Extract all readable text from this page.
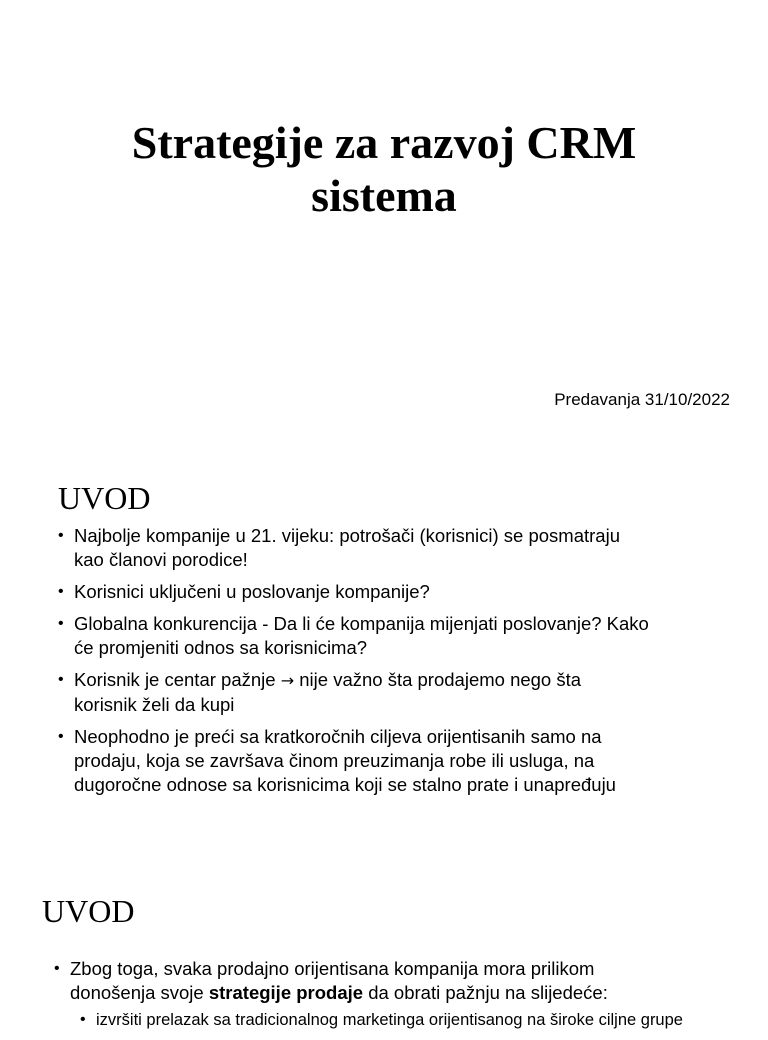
Strategije za razvoj CRM
sistema
Predavanja 31/10/2022
UVOD
• Najbolje kompanije u 21. vijeku: potrošači (korisnici) se posmatraju
kao članovi porodice!
• Korisnici uključeni u poslovanje kompanije?
• Globalna konkurencija - Da li će kompanija mijenjati poslovanje? Kako
će promjeniti odnos sa korisnicima?
• Korisnik je centar pažnje → nije važno šta prodajemo nego šta
korisnik želi da kupi
• Neophodno je preći sa kratkoročnih ciljeva orijentisanih samo na
prodaju, koja se završava činom preuzimanja robe ili usluga, na
dugoročne odnose sa korisnicima koji se stalno prate i unapređuju
UVOD
• Zbog toga, svaka prodajno orijentisana kompanija mora prilikom
donošenja svoje strategije prodaje da obrati pažnju na slijedeće:
• izvršiti prelazak sa tradicionalnog marketinga orijentisanog na široke ciljne grupe
